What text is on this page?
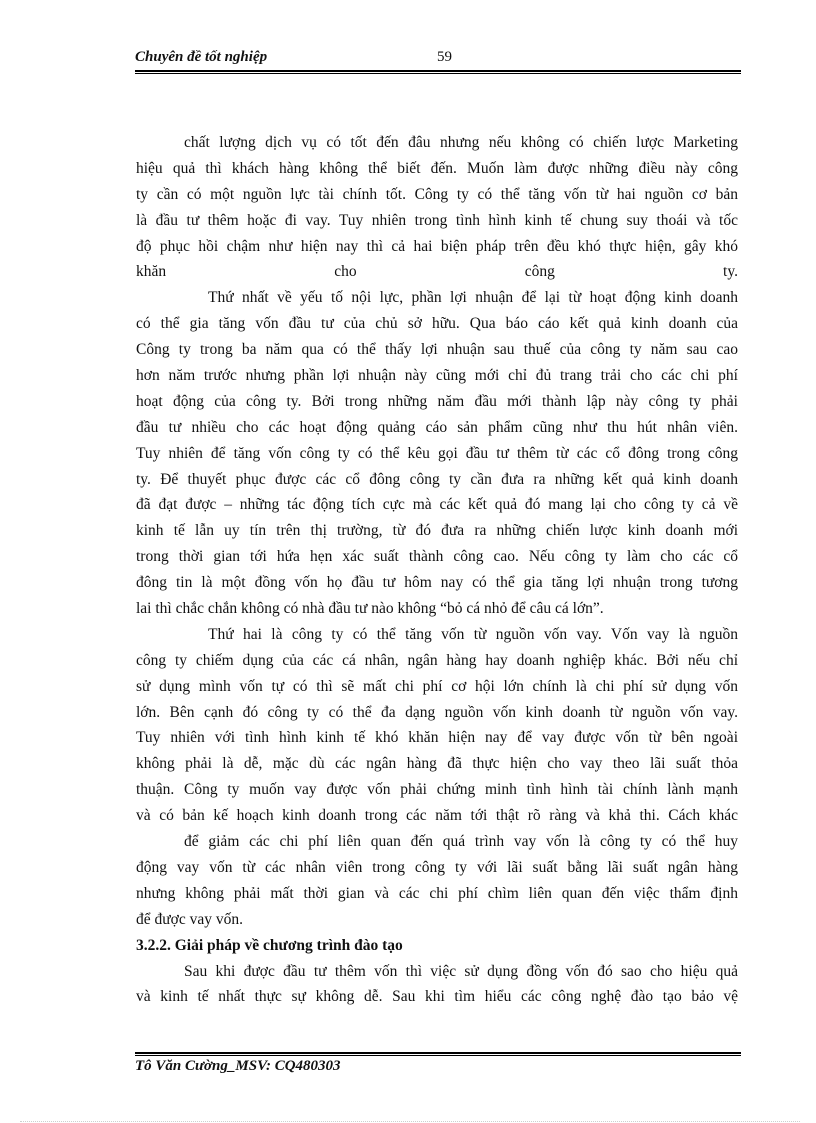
Chuyên đề tốt nghiệp	59
chất lượng dịch vụ có tốt đến đâu nhưng nếu không có chiến lược Marketing
hiệu quả thì khách hàng không thể biết đến. Muốn làm được những điều này công
ty cần có một nguồn lực tài chính tốt. Công ty có thể tăng vốn từ hai nguồn cơ bản
là đầu tư thêm hoặc đi vay. Tuy nhiên trong tình hình kinh tế chung suy thoái và tốc
độ phục hồi chậm như hiện nay thì cả hai biện pháp trên đều khó thực hiện, gây khó
khăn cho công ty.
Thứ nhất về yếu tố nội lực, phần lợi nhuận để lại từ hoạt động kinh doanh
có thể gia tăng vốn đầu tư của chủ sở hữu. Qua báo cáo kết quả kinh doanh của
Công ty trong ba năm qua có thể thấy lợi nhuận sau thuế của công ty năm sau cao
hơn năm trước nhưng phần lợi nhuận này cũng mới chỉ đủ trang trải cho các chi phí
hoạt động của công ty. Bởi trong những năm đầu mới thành lập này công ty phải
đầu tư nhiều cho các hoạt động quảng cáo sản phẩm cũng như thu hút nhân viên.
Tuy nhiên để tăng vốn công ty có thể kêu gọi đầu tư thêm từ các cổ đông trong công
ty. Để thuyết phục được các cổ đông công ty cần đưa ra những kết quả kinh doanh
đã đạt được – những tác động tích cực mà các kết quả đó mang lại cho công ty cả về
kinh tế lẫn uy tín trên thị trường, từ đó đưa ra những chiến lược kinh doanh mới
trong thời gian tới hứa hẹn xác suất thành công cao. Nếu công ty làm cho các cổ
đông tin là một đồng vốn họ đầu tư hôm nay có thể gia tăng lợi nhuận trong tương
lai thì chắc chắn không có nhà đầu tư nào không “bỏ cá nhỏ để câu cá lớn”.
Thứ hai là công ty có thể tăng vốn từ nguồn vốn vay. Vốn vay là nguồn
công ty chiếm dụng của các cá nhân, ngân hàng hay doanh nghiệp khác. Bởi nếu chỉ
sử dụng mình vốn tự có thì sẽ mất chi phí cơ hội lớn chính là chi phí sử dụng vốn
lớn. Bên cạnh đó công ty có thể đa dạng nguồn vốn kinh doanh từ nguồn vốn vay.
Tuy nhiên với tình hình kinh tế khó khăn hiện nay để vay được vốn từ bên ngoài
không phải là dễ, mặc dù các ngân hàng đã thực hiện cho vay theo lãi suất thỏa
thuận. Công ty muốn vay được vốn phải chứng minh tình hình tài chính lành mạnh
và có bản kế hoạch kinh doanh trong các năm tới thật rõ ràng và khả thi. Cách khác
để giảm các chi phí liên quan đến quá trình vay vốn là công ty có thể huy
động vay vốn từ các nhân viên trong công ty với lãi suất bằng lãi suất ngân hàng
nhưng không phải mất thời gian và các chi phí chìm liên quan đến việc thẩm định
để được vay vốn.
3.2.2. Giải pháp về chương trình đào tạo
Sau khi được đầu tư thêm vốn thì việc sử dụng đồng vốn đó sao cho hiệu quả
và kinh tế nhất thực sự không dễ. Sau khi tìm hiểu các công nghệ đào tạo bảo vệ
Tô Văn Cường_MSV: CQ480303
